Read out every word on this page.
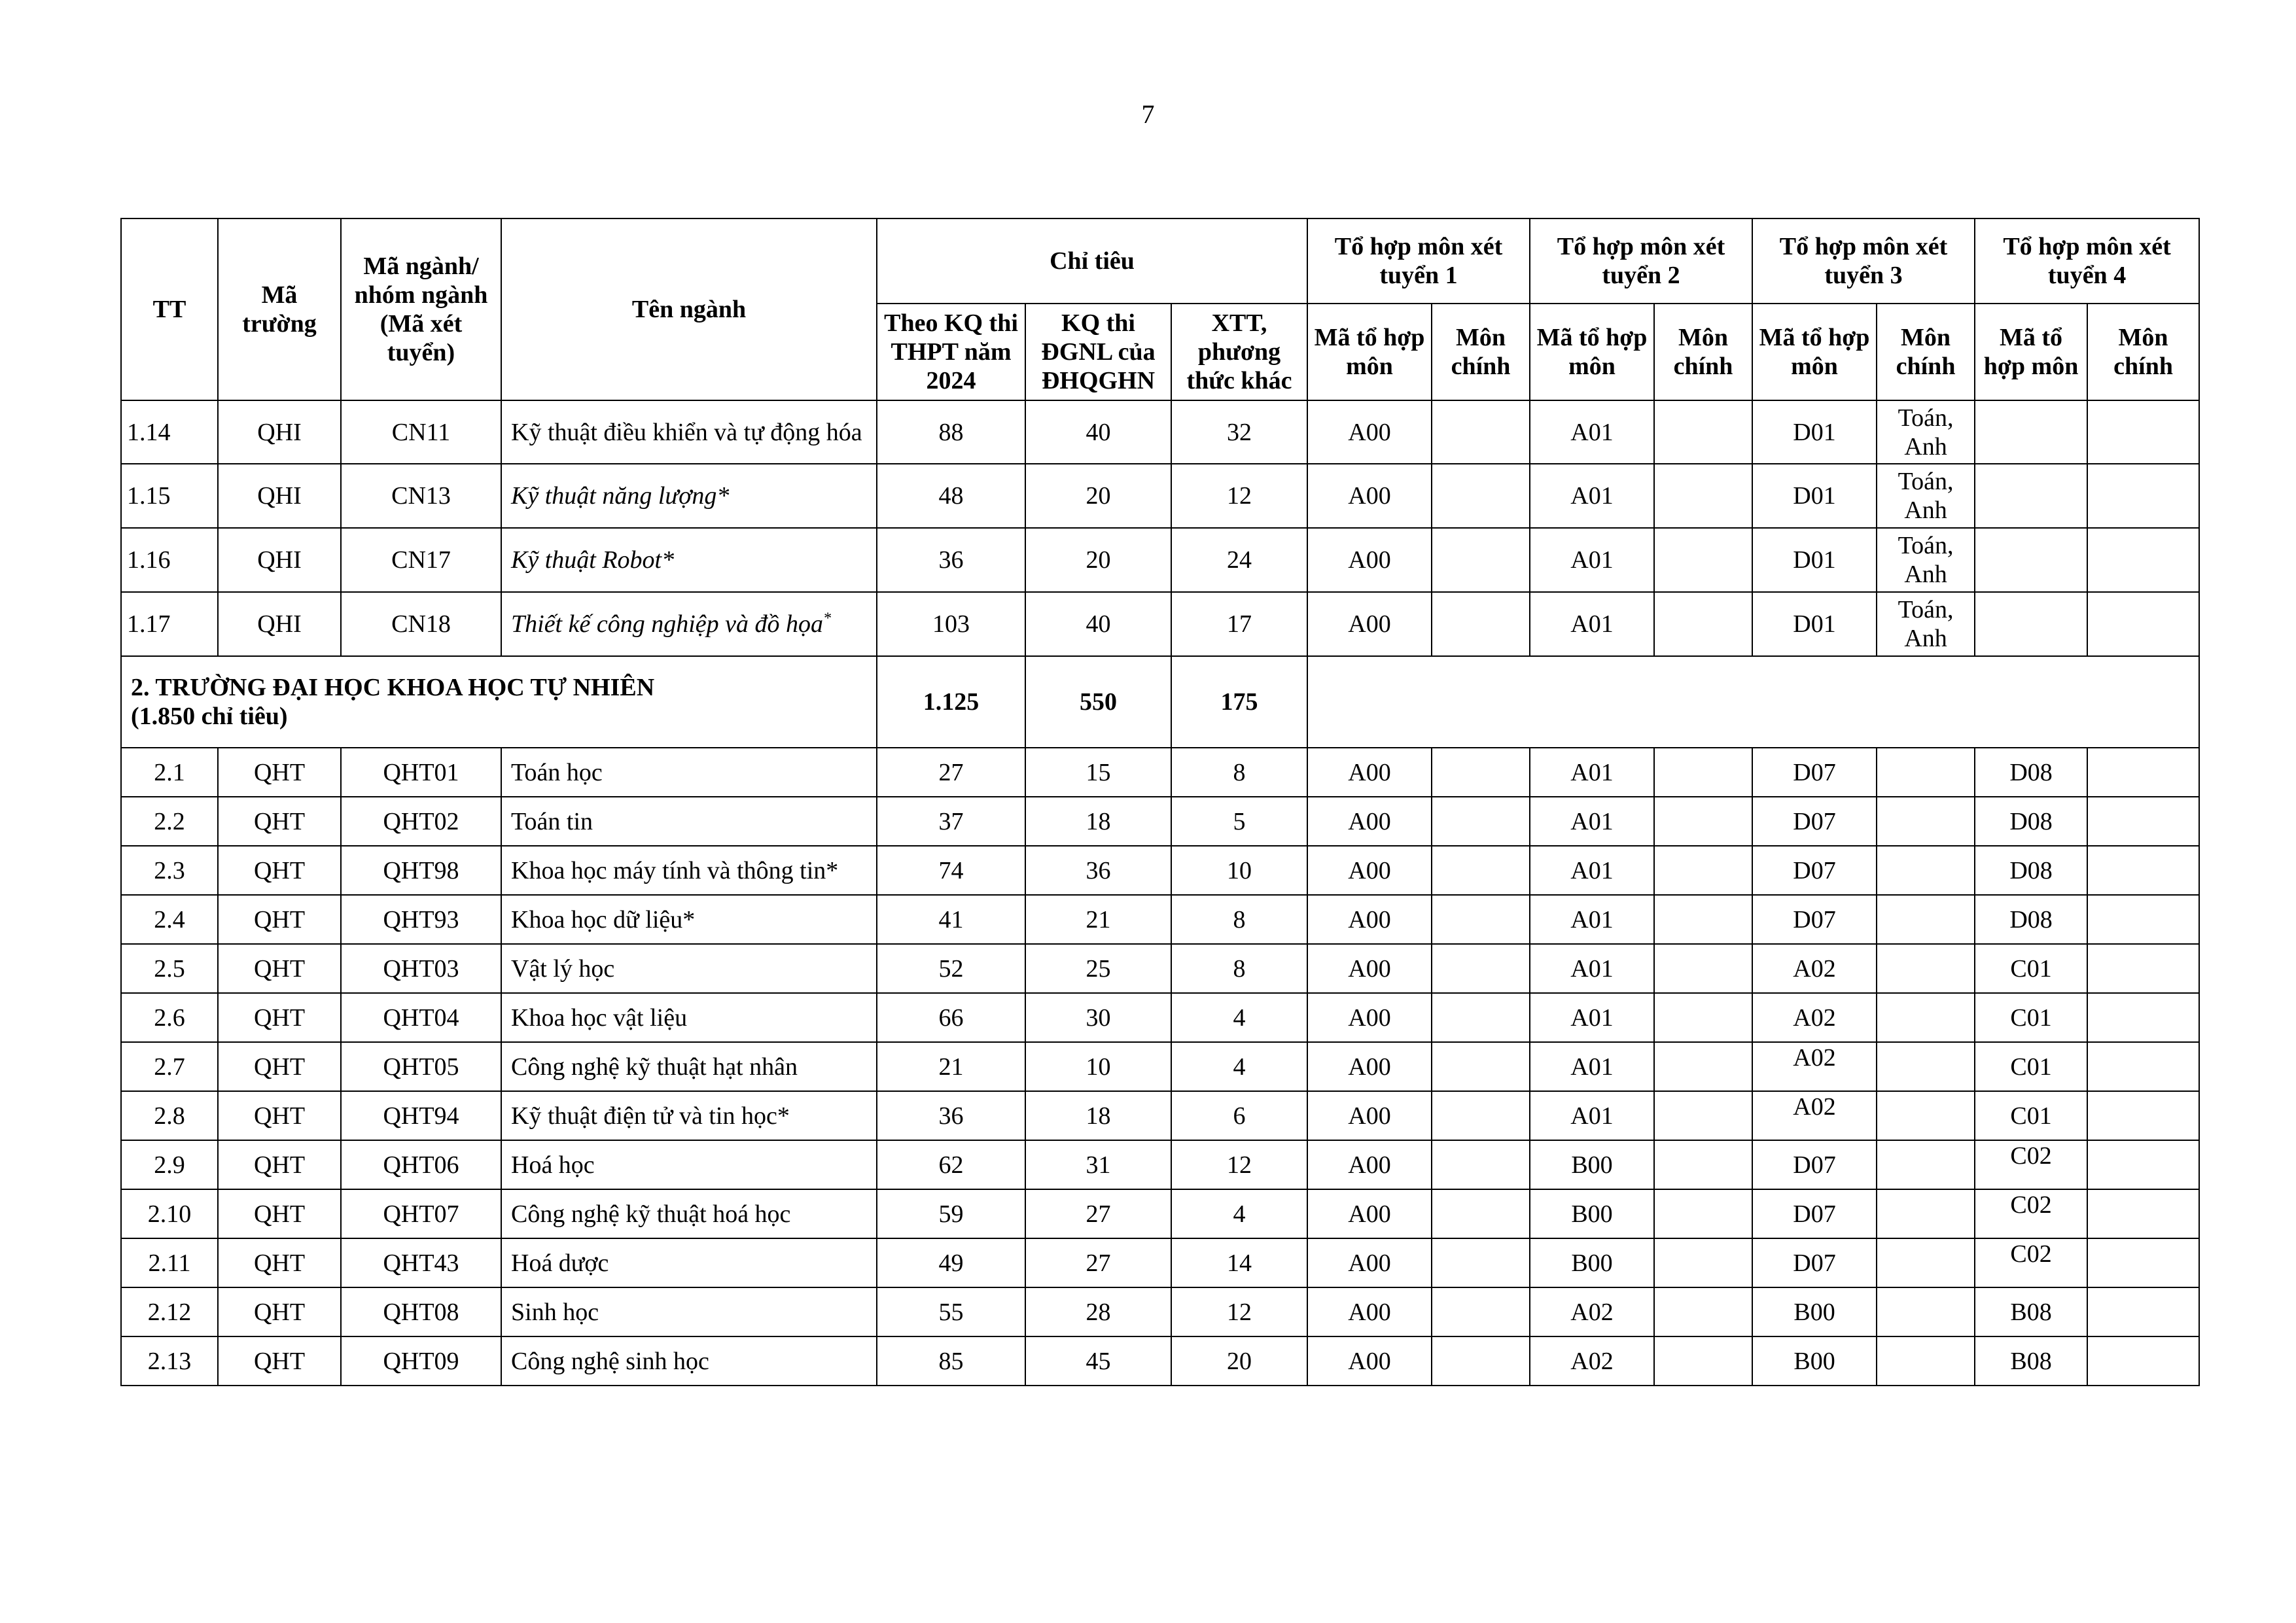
7
TT	Mã trường	Mã ngành/ nhóm ngành (Mã xét tuyển)	Tên ngành	Chỉ tiêu			Tổ hợp môn xét tuyển 1		Tổ hợp môn xét tuyển 2		Tổ hợp môn xét tuyển 3		Tổ hợp môn xét tuyển 4	
				Theo KQ thi THPT năm 2024	KQ thi ĐGNL của ĐHQGHN	XTT, phương thức khác	Mã tổ hợp môn	Môn chính	Mã tổ hợp môn	Môn chính	Mã tổ hợp môn	Môn chính	Mã tổ hợp môn	Môn chính
1.14	QHI	CN11	Kỹ thuật điều khiển và tự động hóa	88	40	32	A00		A01		D01	Toán, Anh		
1.15	QHI	CN13	Kỹ thuật năng lượng*	48	20	12	A00		A01		D01	Toán, Anh		
1.16	QHI	CN17	Kỹ thuật Robot*	36	20	24	A00		A01		D01	Toán, Anh		
1.17	QHI	CN18	Thiết kế công nghiệp và đồ họa*	103	40	17	A00		A01		D01	Toán, Anh		

2. TRƯỜNG ĐẠI HỌC KHOA HỌC TỰ NHIÊN
(1.850 chỉ tiêu)				1.125	550	175								
2.1	QHT	QHT01	Toán học	27	15	8	A00		A01		D07		D08	
2.2	QHT	QHT02	Toán tin	37	18	5	A00		A01		D07		D08	
2.3	QHT	QHT98	Khoa học máy tính và thông tin*	74	36	10	A00		A01		D07		D08	
2.4	QHT	QHT93	Khoa học dữ liệu*	41	21	8	A00		A01		D07		D08	
2.5	QHT	QHT03	Vật lý học	52	25	8	A00		A01		A02		C01	
2.6	QHT	QHT04	Khoa học vật liệu	66	30	4	A00		A01		A02		C01	
2.7	QHT	QHT05	Công nghệ kỹ thuật hạt nhân	21	10	4	A00		A01		A02		C01	
2.8	QHT	QHT94	Kỹ thuật điện tử và tin học*	36	18	6	A00		A01		A02		C01	
2.9	QHT	QHT06	Hoá học	62	31	12	A00		B00		D07		C02	
2.10	QHT	QHT07	Công nghệ kỹ thuật hoá học	59	27	4	A00		B00		D07		C02	
2.11	QHT	QHT43	Hoá dược	49	27	14	A00		B00		D07		C02	
2.12	QHT	QHT08	Sinh học	55	28	12	A00		A02		B00		B08	
2.13	QHT	QHT09	Công nghệ sinh học	85	45	20	A00		A02		B00		B08	
